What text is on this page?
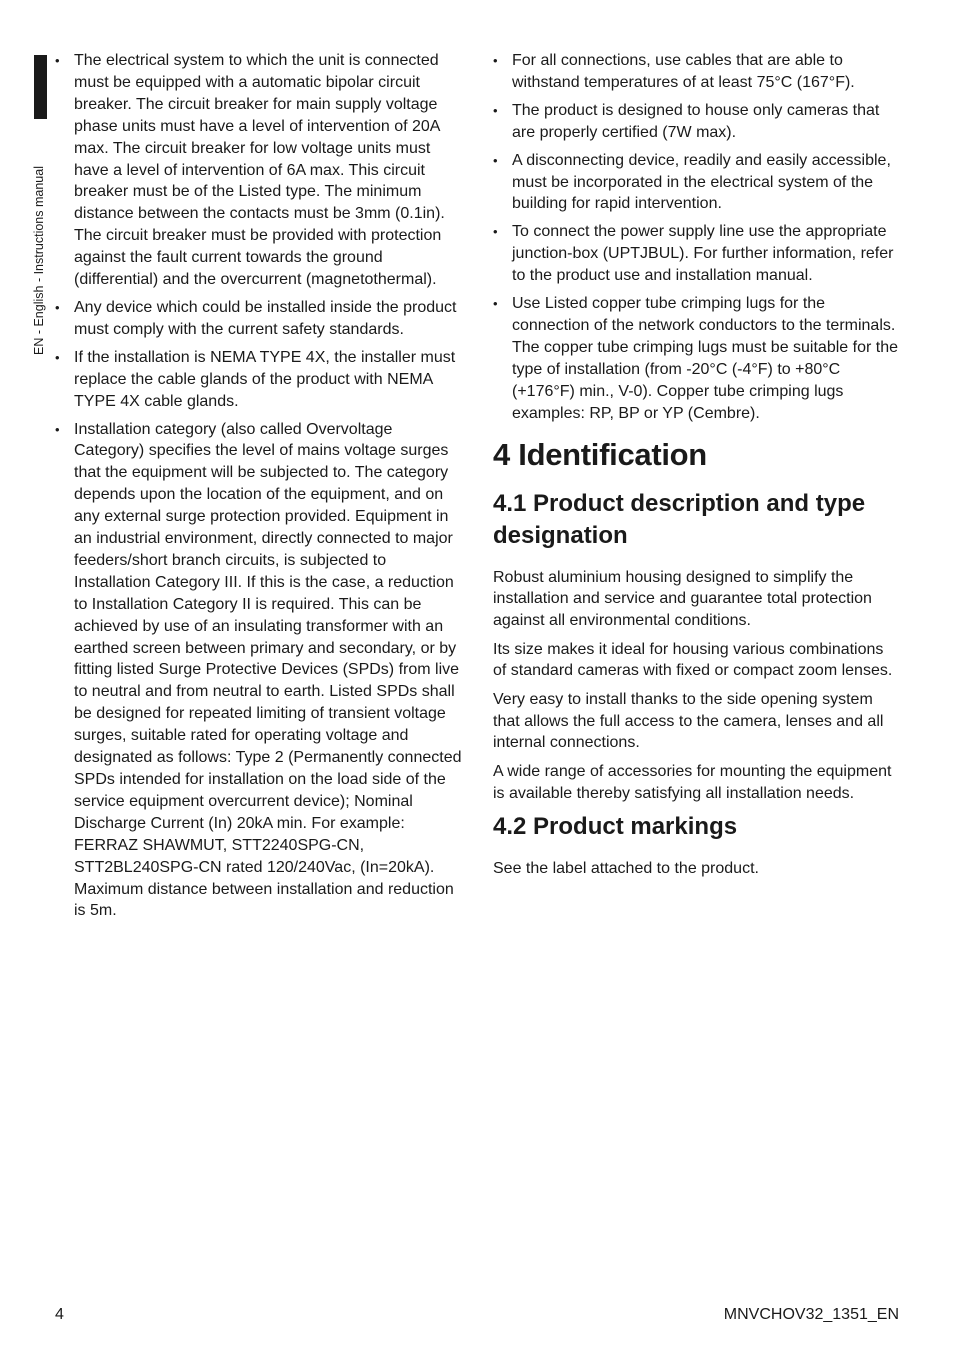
EN - English - Instructions manual
• The electrical system to which the unit is connected must be equipped with a automatic bipolar circuit breaker. The circuit breaker for main supply voltage phase units must have a level of intervention of 20A max. The circuit breaker for low voltage units must have a level of intervention of 6A max. This circuit breaker must be of the Listed type. The minimum distance between the contacts must be 3mm (0.1in). The circuit breaker must be provided with protection against the fault current towards the ground (differential) and the overcurrent (magnetothermal).
• Any device which could be installed inside the product must comply with the current safety standards.
• If the installation is NEMA TYPE 4X, the installer must replace the cable glands of the product with NEMA TYPE 4X cable glands.
• Installation category (also called Overvoltage Category) specifies the level of mains voltage surges that the equipment will be subjected to. The category depends upon the location of the equipment, and on any external surge protection provided. Equipment in an industrial environment, directly connected to major feeders/short branch circuits, is subjected to Installation Category III. If this is the case, a reduction to Installation Category II is required. This can be achieved by use of an insulating transformer with an earthed screen between primary and secondary, or by fitting listed Surge Protective Devices (SPDs) from live to neutral and from neutral to earth. Listed SPDs shall be designed for repeated limiting of transient voltage surges, suitable rated for operating voltage and designated as follows: Type 2 (Permanently connected SPDs intended for installation on the load side of the service equipment overcurrent device); Nominal Discharge Current (In) 20kA min. For example: FERRAZ SHAWMUT, STT2240SPG-CN, STT2BL240SPG-CN rated 120/240Vac, (In=20kA). Maximum distance between installation and reduction is 5m.
• For all connections, use cables that are able to withstand temperatures of at least 75°C (167°F).
• The product is designed to house only cameras that are properly certified (7W max).
• A disconnecting device, readily and easily accessible, must be incorporated in the electrical system of the building for rapid intervention.
• To connect the power supply line use the appropriate junction-box (UPTJBUL). For further information, refer to the product use and installation manual.
• Use Listed copper tube crimping lugs for the connection of the network conductors to the terminals. The copper tube crimping lugs must be suitable for the type of installation (from -20°C (-4°F) to +80°C (+176°F) min., V-0). Copper tube crimping lugs examples: RP, BP or YP (Cembre).
4 Identification
4.1 Product description and type designation

Robust aluminium housing designed to simplify the installation and service and guarantee total protection against all environmental conditions.

Its size makes it ideal for housing various combinations of standard cameras with fixed or compact zoom lenses.

Very easy to install thanks to the side opening system that allows the full access to the camera, lenses and all internal connections.

A wide range of accessories for mounting the equipment is available thereby satisfying all installation needs.

4.2 Product markings

See the label attached to the product.

4	MNVCHOV32_1351_EN
